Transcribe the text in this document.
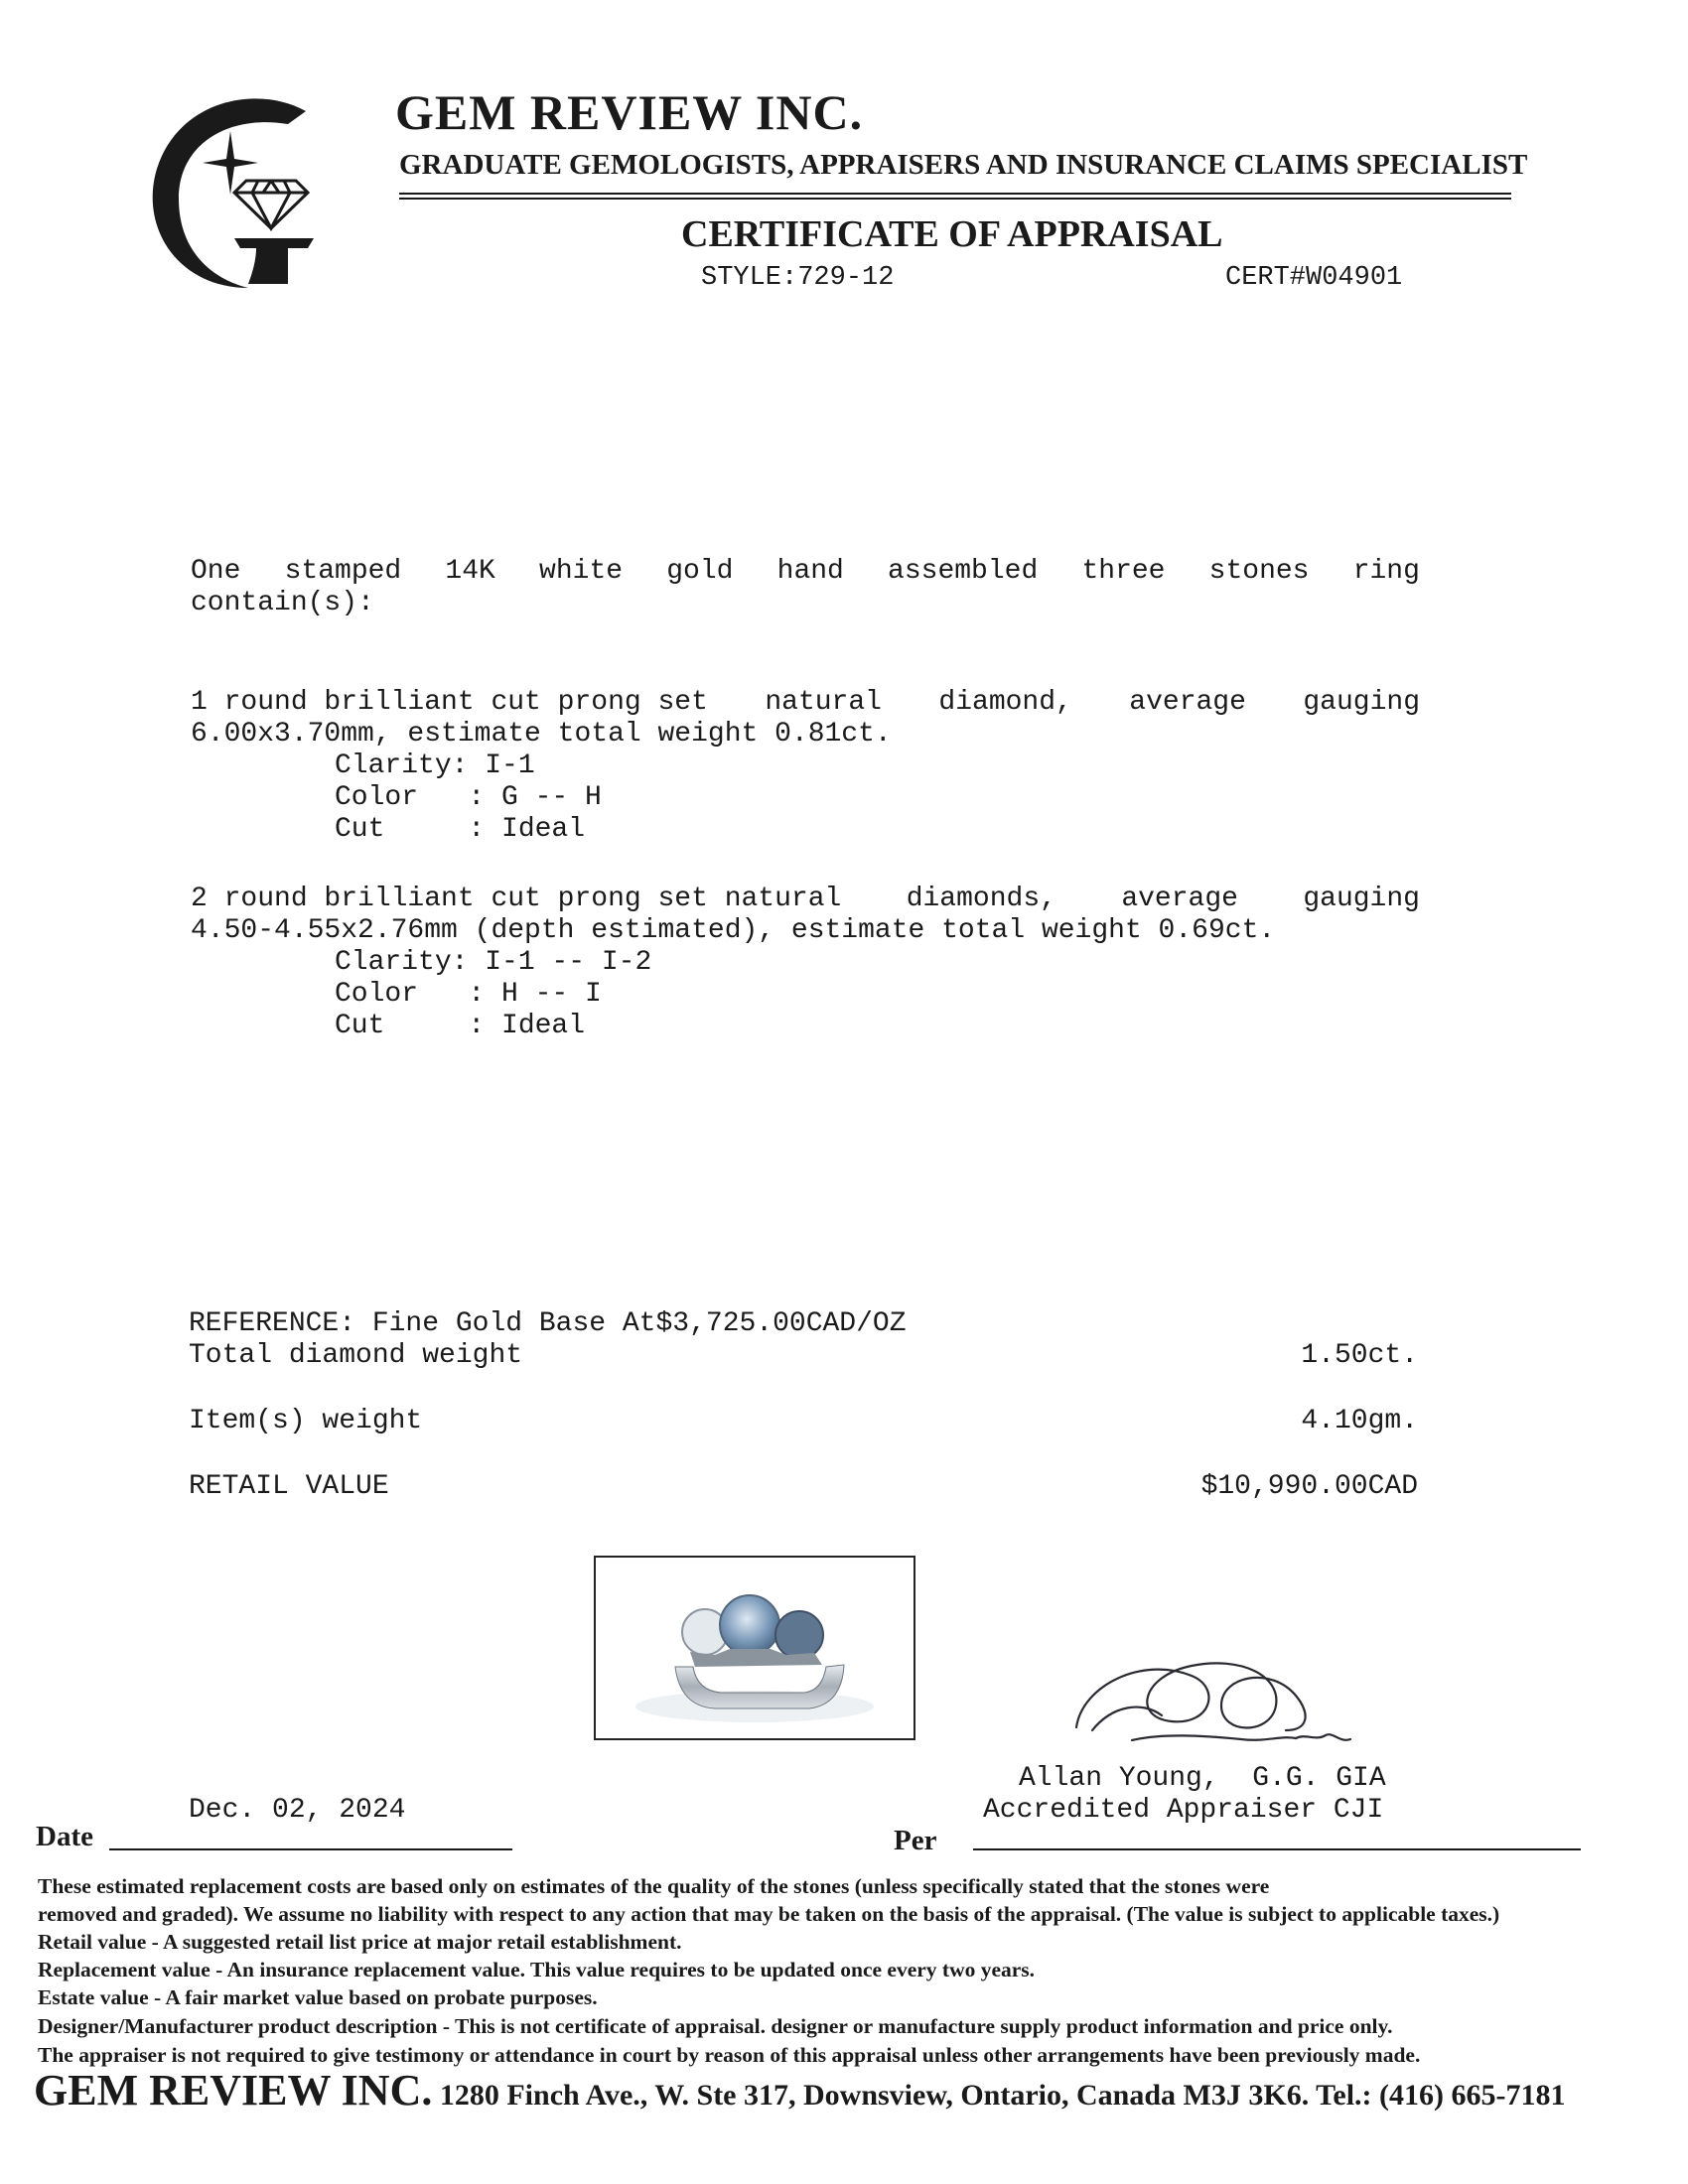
GEM REVIEW INC.
GRADUATE GEMOLOGISTS, APPRAISERS AND INSURANCE CLAIMS SPECIALIST
CERTIFICATE OF APPRAISAL
STYLE:729-12	CERT#W04901
One stamped 14K white gold hand assembled three stones ring
contain(s):
1 round brilliant cut prong set natural diamond, average gauging
6.00x3.70mm, estimate total weight 0.81ct.
Clarity: I-1
Color   : G -- H
Cut     : Ideal
2 round brilliant cut prong set natural diamonds, average gauging
4.50-4.55x2.76mm (depth estimated), estimate total weight 0.69ct.
Clarity: I-1 -- I-2
Color   : H -- I
Cut     : Ideal
REFERENCE: Fine Gold Base At$3,725.00CAD/OZ
Total diamond weight	1.50ct.
Item(s) weight	4.10gm.
RETAIL VALUE	$10,990.00CAD
Allan Young,  G.G. GIA
Accredited Appraiser CJI
Dec. 02, 2024
Date	Per
These estimated replacement costs are based only on estimates of the quality of the stones (unless specifically stated that the stones were
removed and graded). We assume no liability with respect to any action that may be taken on the basis of the appraisal. (The value is subject to applicable taxes.)
Retail value - A suggested retail list price at major retail establishment.
Replacement value - An insurance replacement value. This value requires to be updated once every two years.
Estate value - A fair market value based on probate purposes.
Designer/Manufacturer product description - This is not certificate of appraisal. designer or manufacture supply product information and price only.
The appraiser is not required to give testimony or attendance in court by reason of this appraisal unless other arrangements have been previously made.
GEM REVIEW INC. 1280 Finch Ave., W. Ste 317, Downsview, Ontario, Canada M3J 3K6. Tel.: (416) 665-7181
